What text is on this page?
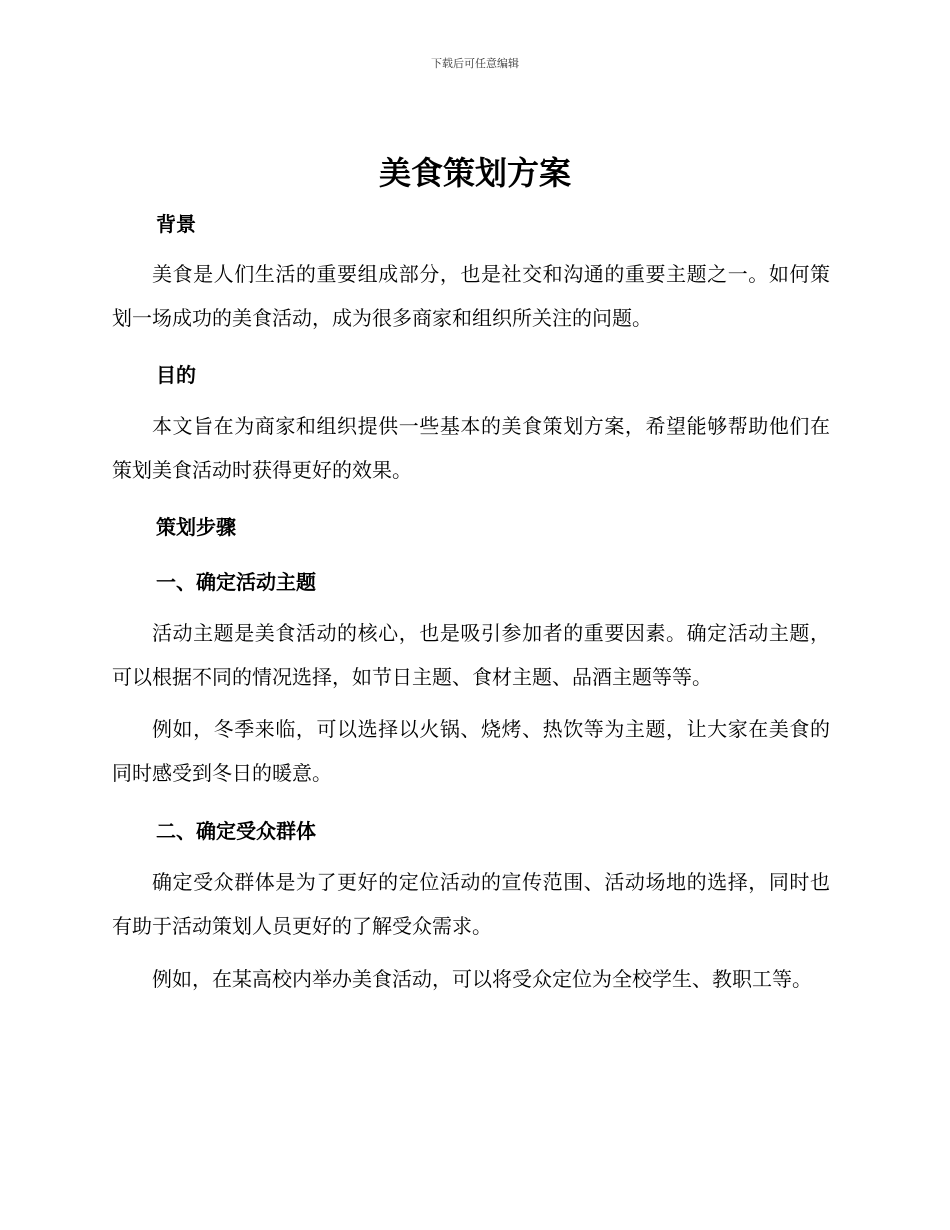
下载后可任意编辑
美食策划方案
背景

美食是人们生活的重要组成部分，也是社交和沟通的重要主题之一。如何策划一场成功的美食活动，成为很多商家和组织所关注的问题。

目的

本文旨在为商家和组织提供一些基本的美食策划方案，希望能够帮助他们在策划美食活动时获得更好的效果。

策划步骤
一、确定活动主题

活动主题是美食活动的核心，也是吸引参加者的重要因素。确定活动主题，可以根据不同的情况选择，如节日主题、食材主题、品酒主题等等。

例如，冬季来临，可以选择以火锅、烧烤、热饮等为主题，让大家在美食的同时感受到冬日的暖意。

二、确定受众群体

确定受众群体是为了更好的定位活动的宣传范围、活动场地的选择，同时也有助于活动策划人员更好的了解受众需求。

例如，在某高校内举办美食活动，可以将受众定位为全校学生、教职工等。
